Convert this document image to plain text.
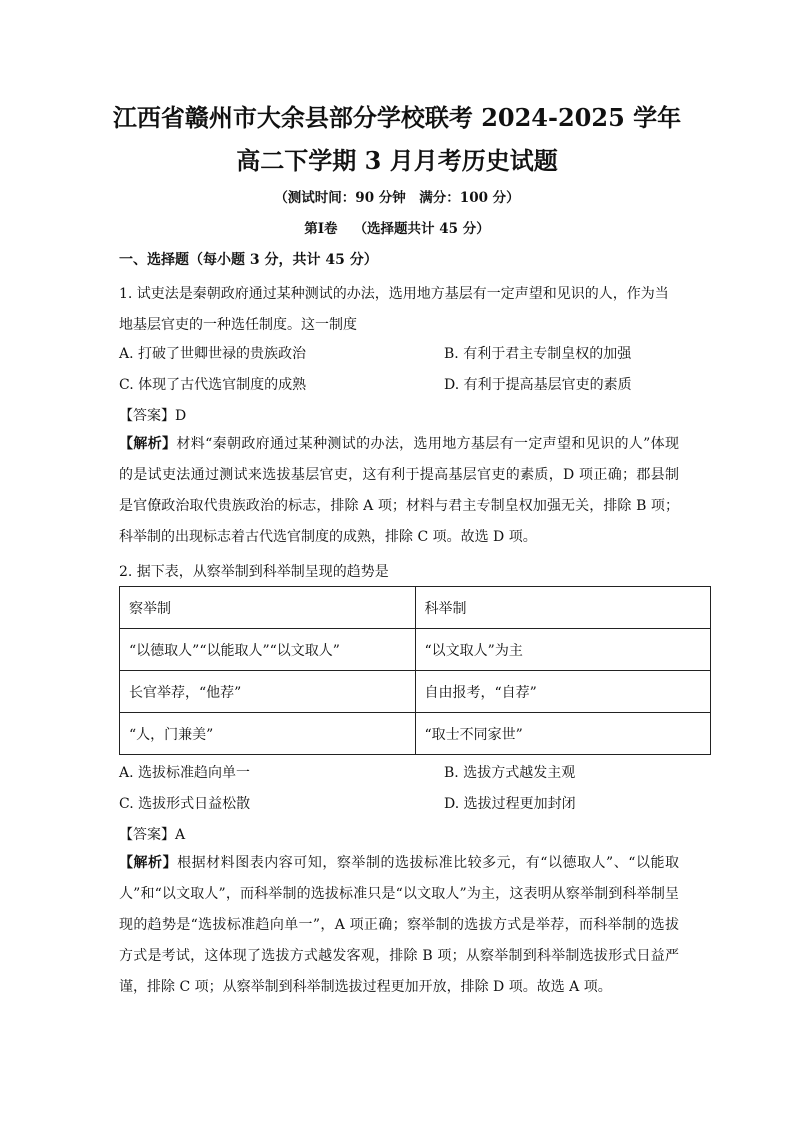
江西省赣州市大余县部分学校联考 2024-2025 学年
高二下学期 3 月月考历史试题
（测试时间：90 分钟　满分：100 分）
第Ⅰ卷 （选择题共计 45 分）
一、选择题（每小题 3 分，共计 45 分）
1. 试吏法是秦朝政府通过某种测试的办法，选用地方基层有一定声望和见识的人，作为当地基层官吏的一种选任制度。这一制度
A. 打破了世卿世禄的贵族政治	B. 有利于君主专制皇权的加强
C. 体现了古代选官制度的成熟	D. 有利于提高基层官吏的素质
【答案】D
【解析】材料“秦朝政府通过某种测试的办法，选用地方基层有一定声望和见识的人”体现的是试吏法通过测试来选拔基层官吏，这有利于提高基层官吏的素质，D 项正确；郡县制是官僚政治取代贵族政治的标志，排除 A 项；材料与君主专制皇权加强无关，排除 B 项；科举制的出现标志着古代选官制度的成熟，排除 C 项。故选 D 项。
2. 据下表，从察举制到科举制呈现的趋势是
察举制	科举制
“以德取人”“以能取人”“以文取人”	“以文取人”为主
长官举荐，“他荐”	自由报考，“自荐”
“人，门兼美”	“取士不同家世”
A. 选拔标准趋向单一	B. 选拔方式越发主观
C. 选拔形式日益松散	D. 选拔过程更加封闭
【答案】A
【解析】根据材料图表内容可知，察举制的选拔标准比较多元，有“以德取人”、“以能取人”和“以文取人”，而科举制的选拔标准只是“以文取人”为主，这表明从察举制到科举制呈现的趋势是“选拔标准趋向单一”，A 项正确；察举制的选拔方式是举荐，而科举制的选拔方式是考试，这体现了选拔方式越发客观，排除 B 项；从察举制到科举制选拔形式日益严谨，排除 C 项；从察举制到科举制选拔过程更加开放，排除 D 项。故选 A 项。
